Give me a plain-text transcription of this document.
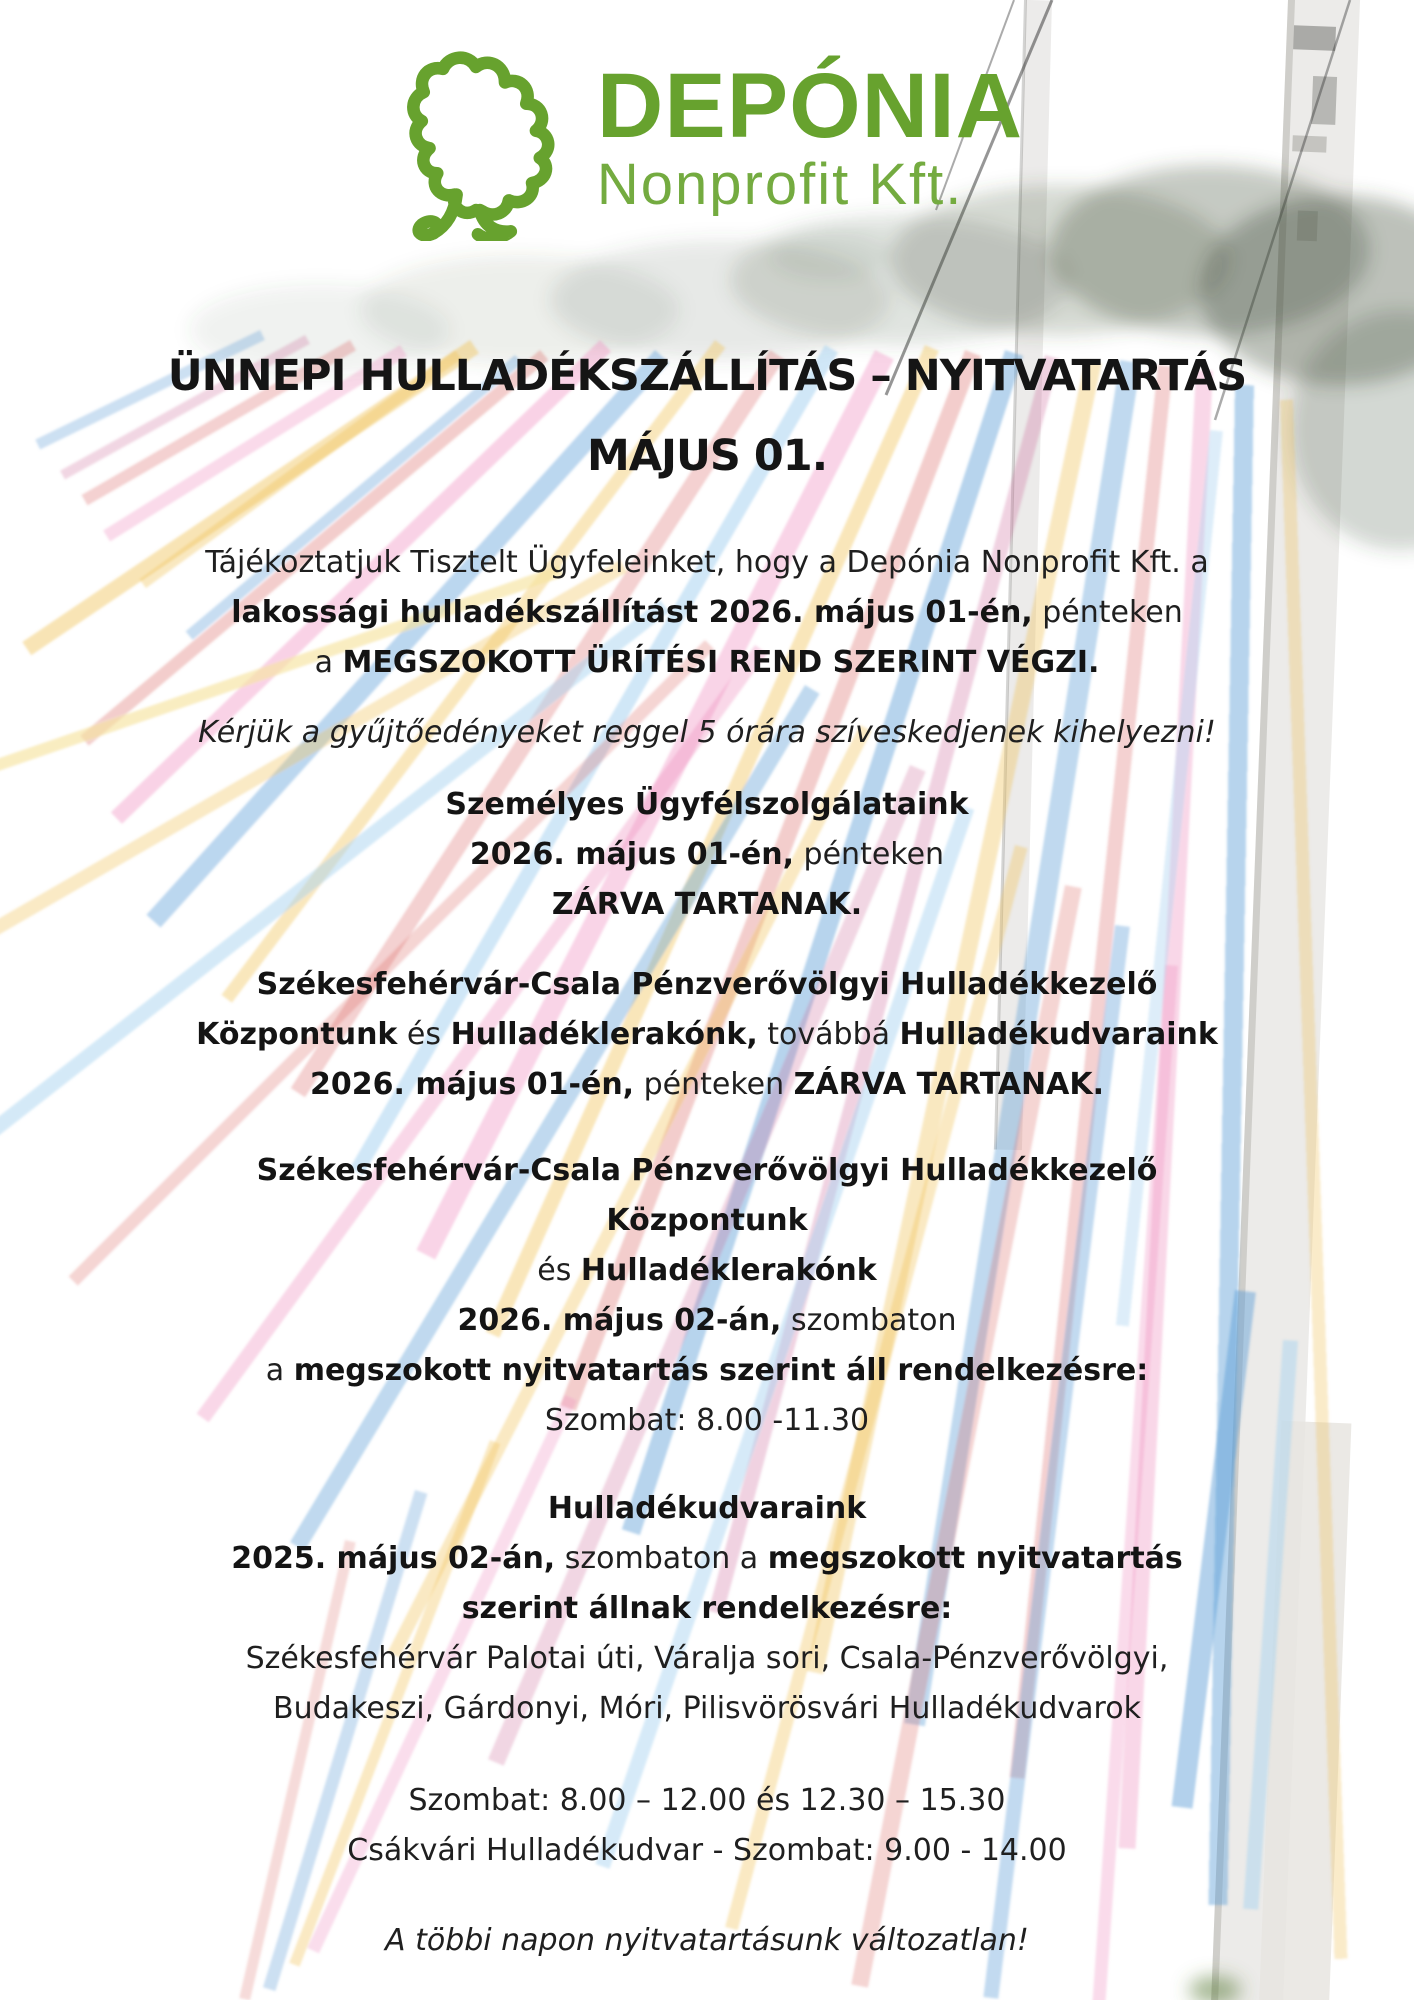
DEPÓNIA
Nonprofit Kft.
ÜNNEPI HULLADÉKSZÁLLÍTÁS – NYITVATARTÁS
MÁJUS 01.

Tájékoztatjuk Tisztelt Ügyfeleinket, hogy a Depónia Nonprofit Kft. a
lakossági hulladékszállítást 2026. május 01-én, pénteken
a MEGSZOKOTT ÜRÍTÉSI REND SZERINT VÉGZI.

Kérjük a gyűjtőedényeket reggel 5 órára szíveskedjenek kihelyezni!

Személyes Ügyfélszolgálataink
2026. május 01-én, pénteken
ZÁRVA TARTANAK.

Székesfehérvár-Csala Pénzverővölgyi Hulladékkezelő
Központunk és Hulladéklerakónk, továbbá Hulladékudvaraink
2026. május 01-én, pénteken ZÁRVA TARTANAK.

Székesfehérvár-Csala Pénzverővölgyi Hulladékkezelő
Központunk
és Hulladéklerakónk
2026. május 02-án, szombaton
a megszokott nyitvatartás szerint áll rendelkezésre:
Szombat: 8.00 -11.30

Hulladékudvaraink
2025. május 02-án, szombaton a megszokott nyitvatartás
szerint állnak rendelkezésre:
Székesfehérvár Palotai úti, Váralja sori, Csala-Pénzverővölgyi,
Budakeszi, Gárdonyi, Móri, Pilisvörösvári Hulladékudvarok

Szombat: 8.00 – 12.00 és 12.30 – 15.30
Csákvári Hulladékudvar - Szombat: 9.00 - 14.00

A többi napon nyitvatartásunk változatlan!
